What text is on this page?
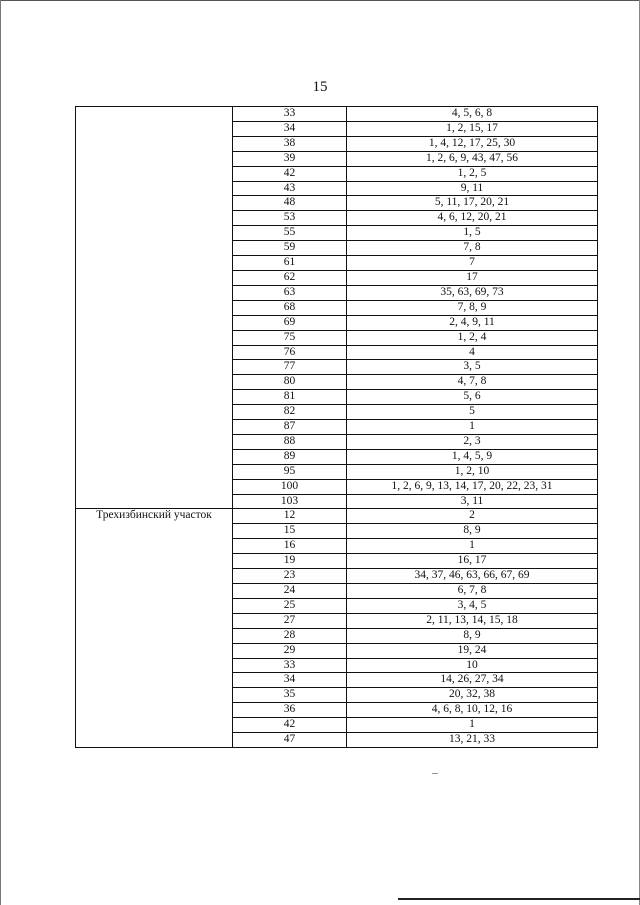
15
	33	4, 5, 6, 8
	34	1, 2, 15, 17
	38	1, 4, 12, 17, 25, 30
	39	1, 2, 6, 9, 43, 47, 56
	42	1, 2, 5
	43	9, 11
	48	5, 11, 17, 20, 21
	53	4, 6, 12, 20, 21
	55	1, 5
	59	7, 8
	61	7
	62	17
	63	35, 63, 69, 73
	68	7, 8, 9
	69	2, 4, 9, 11
	75	1, 2, 4
	76	4
	77	3, 5
	80	4, 7, 8
	81	5, 6
	82	5
	87	1
	88	2, 3
	89	1, 4, 5, 9
	95	1, 2, 10
	100	1, 2, 6, 9, 13, 14, 17, 20, 22, 23, 31
	103	3, 11
Трехизбинский участок	12	2
	15	8, 9
	16	1
	19	16, 17
	23	34, 37, 46, 63, 66, 67, 69
	24	6, 7, 8
	25	3, 4, 5
	27	2, 11, 13, 14, 15, 18
	28	8, 9
	29	19, 24
	33	10
	34	14, 26, 27, 34
	35	20, 32, 38
	36	4, 6, 8, 10, 12, 16
	42	1
	47	13, 21, 33
